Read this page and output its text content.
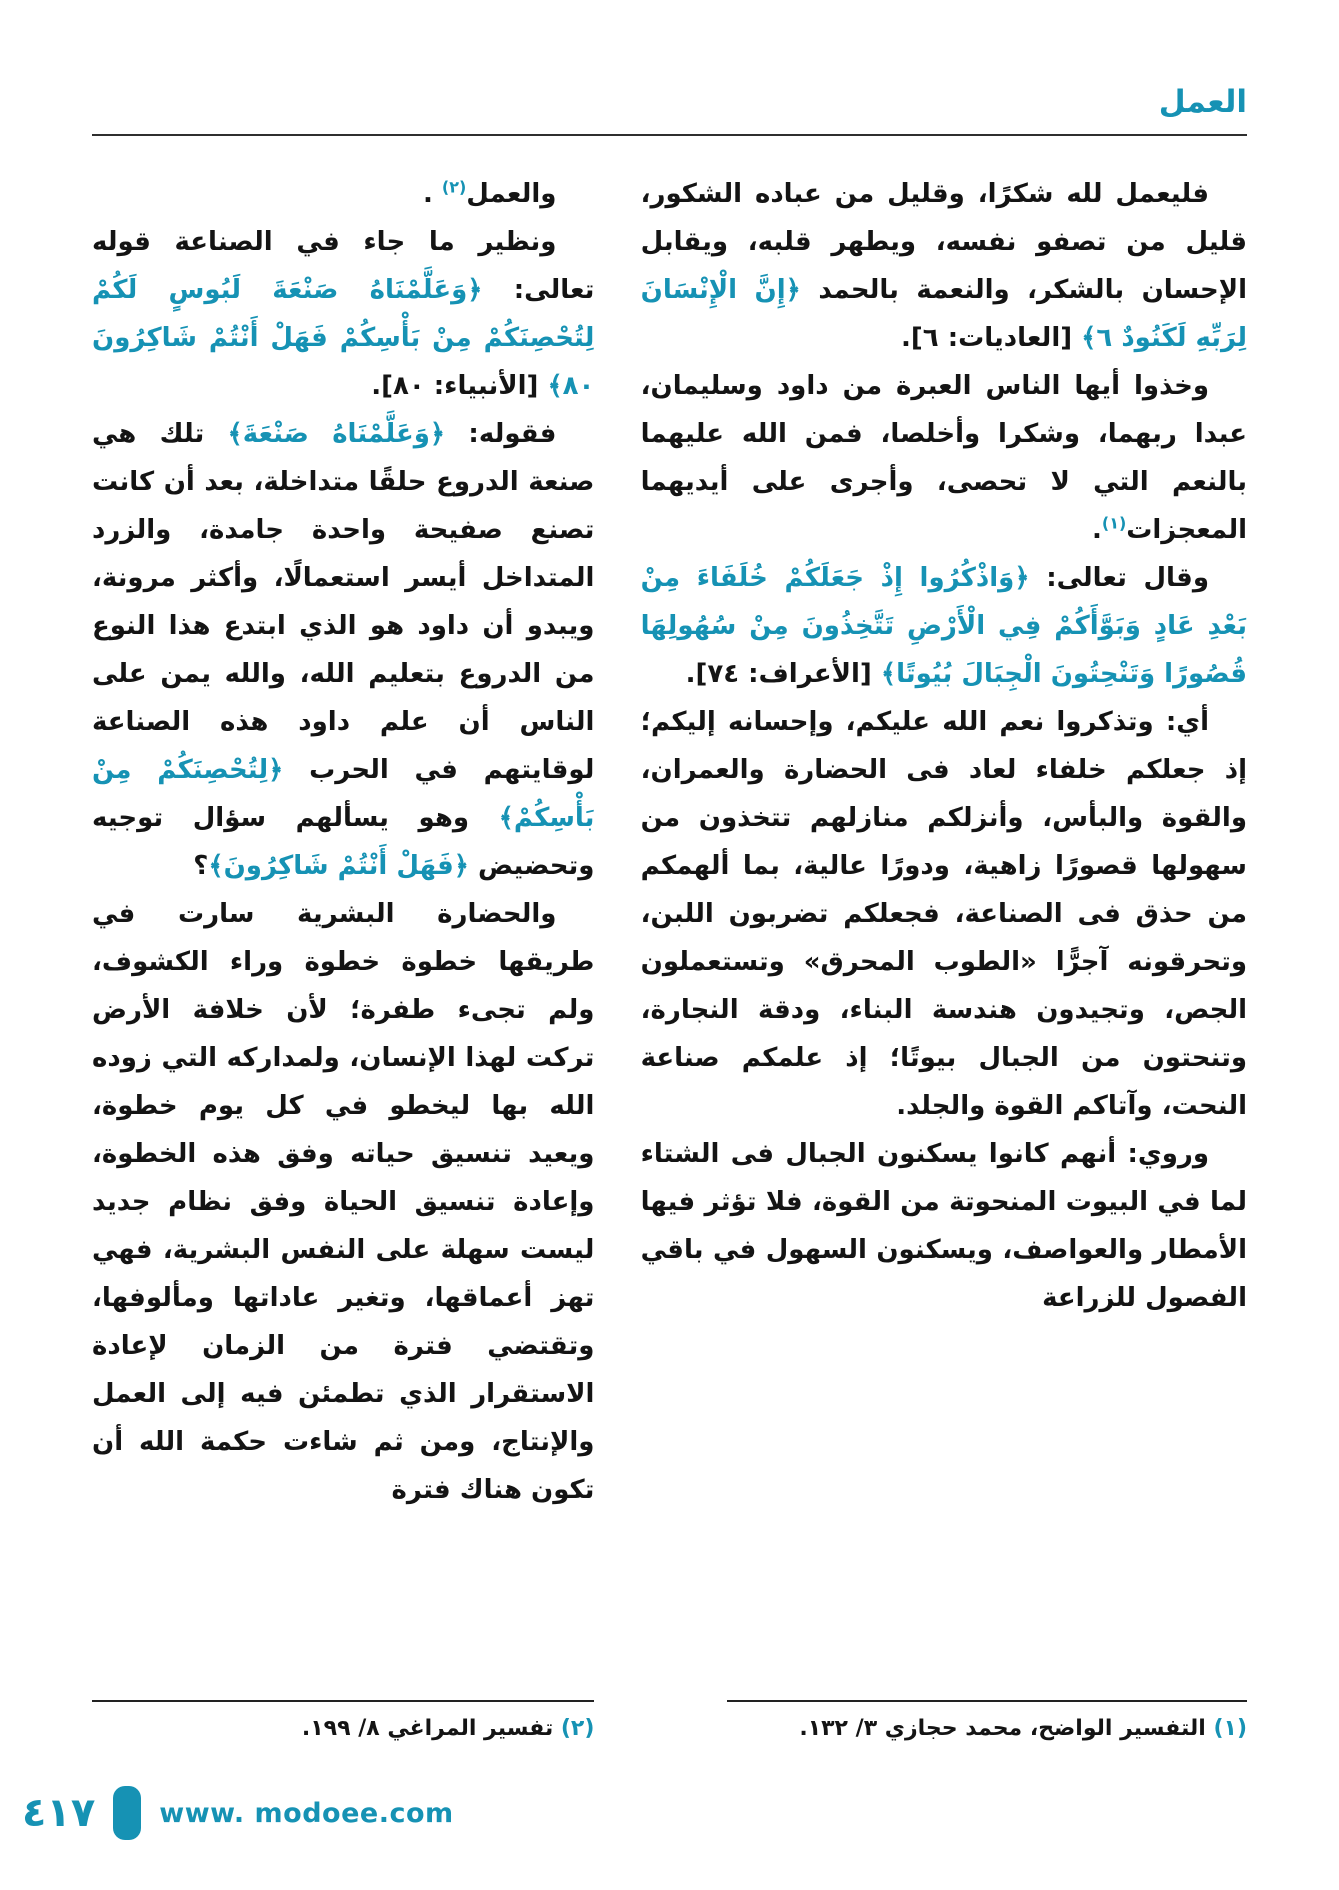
العمل

فليعمل لله شكرًا، وقليل من عباده الشكور، قليل من تصفو نفسه، ويطهر قلبه، ويقابل الإحسان بالشكر، والنعمة بالحمد ﴿إِنَّ الْإِنْسَانَ لِرَبِّهِ لَكَنُودٌ ٦﴾ [العاديات: ٦].

وخذوا أيها الناس العبرة من داود وسليمان، عبدا ربهما، وشكرا وأخلصا، فمن الله عليهما بالنعم التي لا تحصى، وأجرى على أيديهما المعجزات$^{(١)}$.

وقال تعالى: ﴿وَاذْكُرُوا إِذْ جَعَلَكُمْ خُلَفَاءَ مِنْ بَعْدِ عَادٍ وَبَوَّأَكُمْ فِي الْأَرْضِ تَتَّخِذُونَ مِنْ سُهُولِهَا قُصُورًا وَتَنْحِتُونَ الْجِبَالَ بُيُوتًا﴾ [الأعراف: ٧٤].

أي: وتذكروا نعم الله عليكم، وإحسانه إليكم؛ إذ جعلكم خلفاء لعاد فى الحضارة والعمران، والقوة والبأس، وأنزلكم منازلهم تتخذون من سهولها قصورًا زاهية، ودورًا عالية، بما ألهمكم من حذق فى الصناعة، فجعلكم تضربون اللبن، وتحرقونه آجرًّا «الطوب المحرق» وتستعملون الجص، وتجيدون هندسة البناء، ودقة النجارة، وتنحتون من الجبال بيوتًا؛ إذ علمكم صناعة النحت، وآتاكم القوة والجلد.

وروي: أنهم كانوا يسكنون الجبال فى الشتاء لما في البيوت المنحوتة من القوة، فلا تؤثر فيها الأمطار والعواصف، ويسكنون السهول في باقي الفصول للزراعة

والعمل$^{(٢)}$ .

ونظير ما جاء في الصناعة قوله تعالى: ﴿وَعَلَّمْنَاهُ صَنْعَةَ لَبُوسٍ لَكُمْ لِتُحْصِنَكُمْ مِنْ بَأْسِكُمْ فَهَلْ أَنْتُمْ شَاكِرُونَ ٨٠﴾ [الأنبياء: ٨٠].

فقوله: ﴿وَعَلَّمْنَاهُ صَنْعَةَ﴾ تلك هي صنعة الدروع حلقًا متداخلة، بعد أن كانت تصنع صفيحة واحدة جامدة، والزرد المتداخل أيسر استعمالًا، وأكثر مرونة، ويبدو أن داود هو الذي ابتدع هذا النوع من الدروع بتعليم الله، والله يمن على الناس أن علم داود هذه الصناعة لوقايتهم في الحرب ﴿لِتُحْصِنَكُمْ مِنْ بَأْسِكُمْ﴾ وهو يسألهم سؤال توجيه وتحضيض ﴿فَهَلْ أَنْتُمْ شَاكِرُونَ﴾؟

والحضارة البشرية سارت في طريقها خطوة خطوة وراء الكشوف، ولم تجىء طفرة؛ لأن خلافة الأرض تركت لهذا الإنسان، ولمداركه التي زوده الله بها ليخطو في كل يوم خطوة، ويعيد تنسيق حياته وفق هذه الخطوة، وإعادة تنسيق الحياة وفق نظام جديد ليست سهلة على النفس البشرية، فهي تهز أعماقها، وتغير عاداتها ومألوفها، وتقتضي فترة من الزمان لإعادة الاستقرار الذي تطمئن فيه إلى العمل والإنتاج، ومن ثم شاءت حكمة الله أن تكون هناك فترة

(١) التفسير الواضح، محمد حجازي ٣/ ١٣٢.
(٢) تفسير المراغي ٨/ ١٩٩.
٤١٧ www. modoee.com
